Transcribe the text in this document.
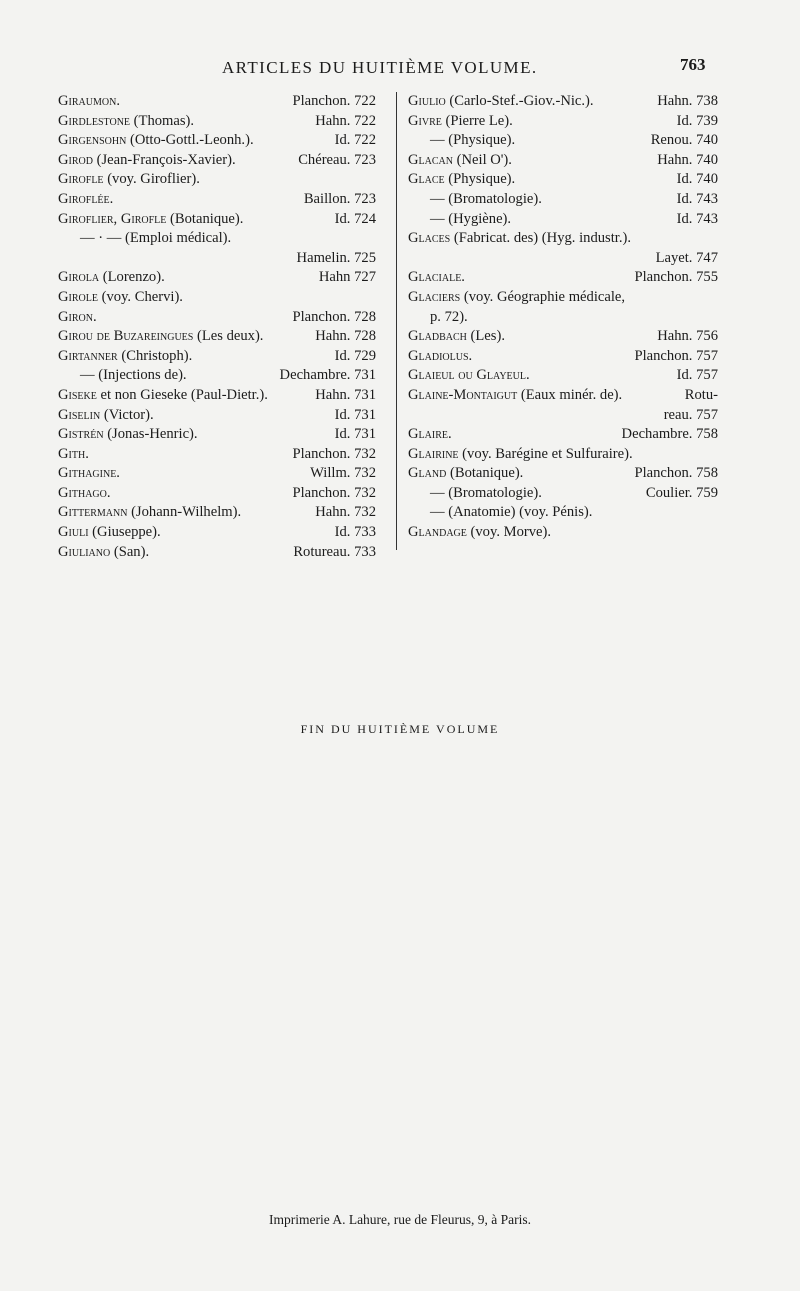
ARTICLES DU HUITIÈME VOLUME.	763
Giraumon.	Planchon. 722
Girdlestone (Thomas).	Hahn. 722
Girgensohn (Otto-Gottl.-Leonh.).	Id. 722
Girod (Jean-François-Xavier).	Chéreau. 723
Girofle (voy. Giroflier).
Giroflée.	Baillon. 723
Giroflier, Girofle (Botanique).	Id. 724
— · — (Emploi médical).
Hamelin. 725
Girola (Lorenzo).	Hahn 727
Girole (voy. Chervi).
Giron.	Planchon. 728
Girou de Buzareingues (Les deux).	Hahn. 728
Girtanner (Christoph).	Id. 729
— (Injections de).	Dechambre. 731
Giseke et non Gieseke (Paul-Dietr.).	Hahn. 731
Giselin (Victor).	Id. 731
Gistrén (Jonas-Henric).	Id. 731
Gith.	Planchon. 732
Githagine.	Willm. 732
Githago.	Planchon. 732
Gittermann (Johann-Wilhelm).	Hahn. 732
Giuli (Giuseppe).	Id. 733
Giuliano (San).	Rotureau. 733
Giulio (Carlo-Stef.-Giov.-Nic.).	Hahn. 738
Givre (Pierre Le).	Id. 739
— (Physique).	Renou. 740
Glacan (Neil O').	Hahn. 740
Glace (Physique).	Id. 740
— (Bromatologie).	Id. 743
— (Hygiène).	Id. 743
Glaces (Fabricat. des) (Hyg. industr.).
Layet. 747
Glaciale.	Planchon. 755
Glaciers (voy. Géographie médicale,
p. 72).
Gladbach (Les).	Hahn. 756
Gladiolus.	Planchon. 757
Glaieul ou Glayeul.	Id. 757
Glaine-Montaigut (Eaux minér. de).	Rotu-
reau. 757
Glaire.	Dechambre. 758
Glairine (voy. Barégine et Sulfuraire).
Gland (Botanique).	Planchon. 758
— (Bromatologie).	Coulier. 759
— (Anatomie) (voy. Pénis).
Glandage (voy. Morve).
FIN DU HUITIÈME VOLUME
Imprimerie A. Lahure, rue de Fleurus, 9, à Paris.
